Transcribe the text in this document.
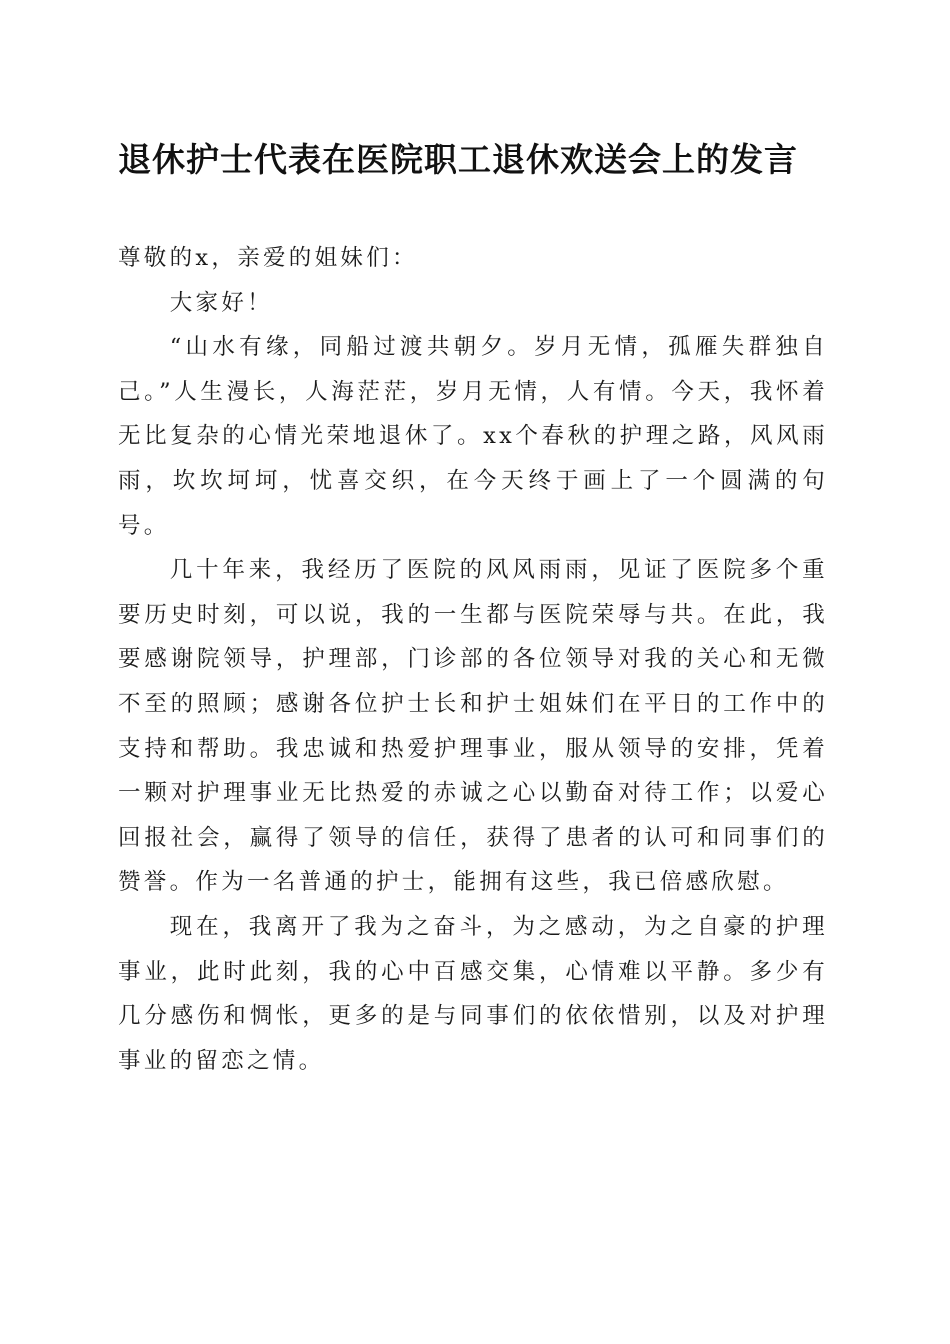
退休护士代表在医院职工退休欢送会上的发言

尊敬的x，亲爱的姐妹们：

大家好！

“山水有缘，同船过渡共朝夕。岁月无情，孤雁失群独自己。”人生漫长，人海茫茫，岁月无情，人有情。今天，我怀着无比复杂的心情光荣地退休了。xx个春秋的护理之路，风风雨雨，坎坎坷坷，忧喜交织，在今天终于画上了一个圆满的句号。

几十年来，我经历了医院的风风雨雨，见证了医院多个重要历史时刻，可以说，我的一生都与医院荣辱与共。在此，我要感谢院领导，护理部，门诊部的各位领导对我的关心和无微不至的照顾；感谢各位护士长和护士姐妹们在平日的工作中的支持和帮助。我忠诚和热爱护理事业，服从领导的安排，凭着一颗对护理事业无比热爱的赤诚之心以勤奋对待工作；以爱心回报社会，赢得了领导的信任，获得了患者的认可和同事们的赞誉。作为一名普通的护士，能拥有这些，我已倍感欣慰。

现在，我离开了我为之奋斗，为之感动，为之自豪的护理事业，此时此刻，我的心中百感交集，心情难以平静。多少有几分感伤和惆怅，更多的是与同事们的依依惜别，以及对护理事业的留恋之情。
